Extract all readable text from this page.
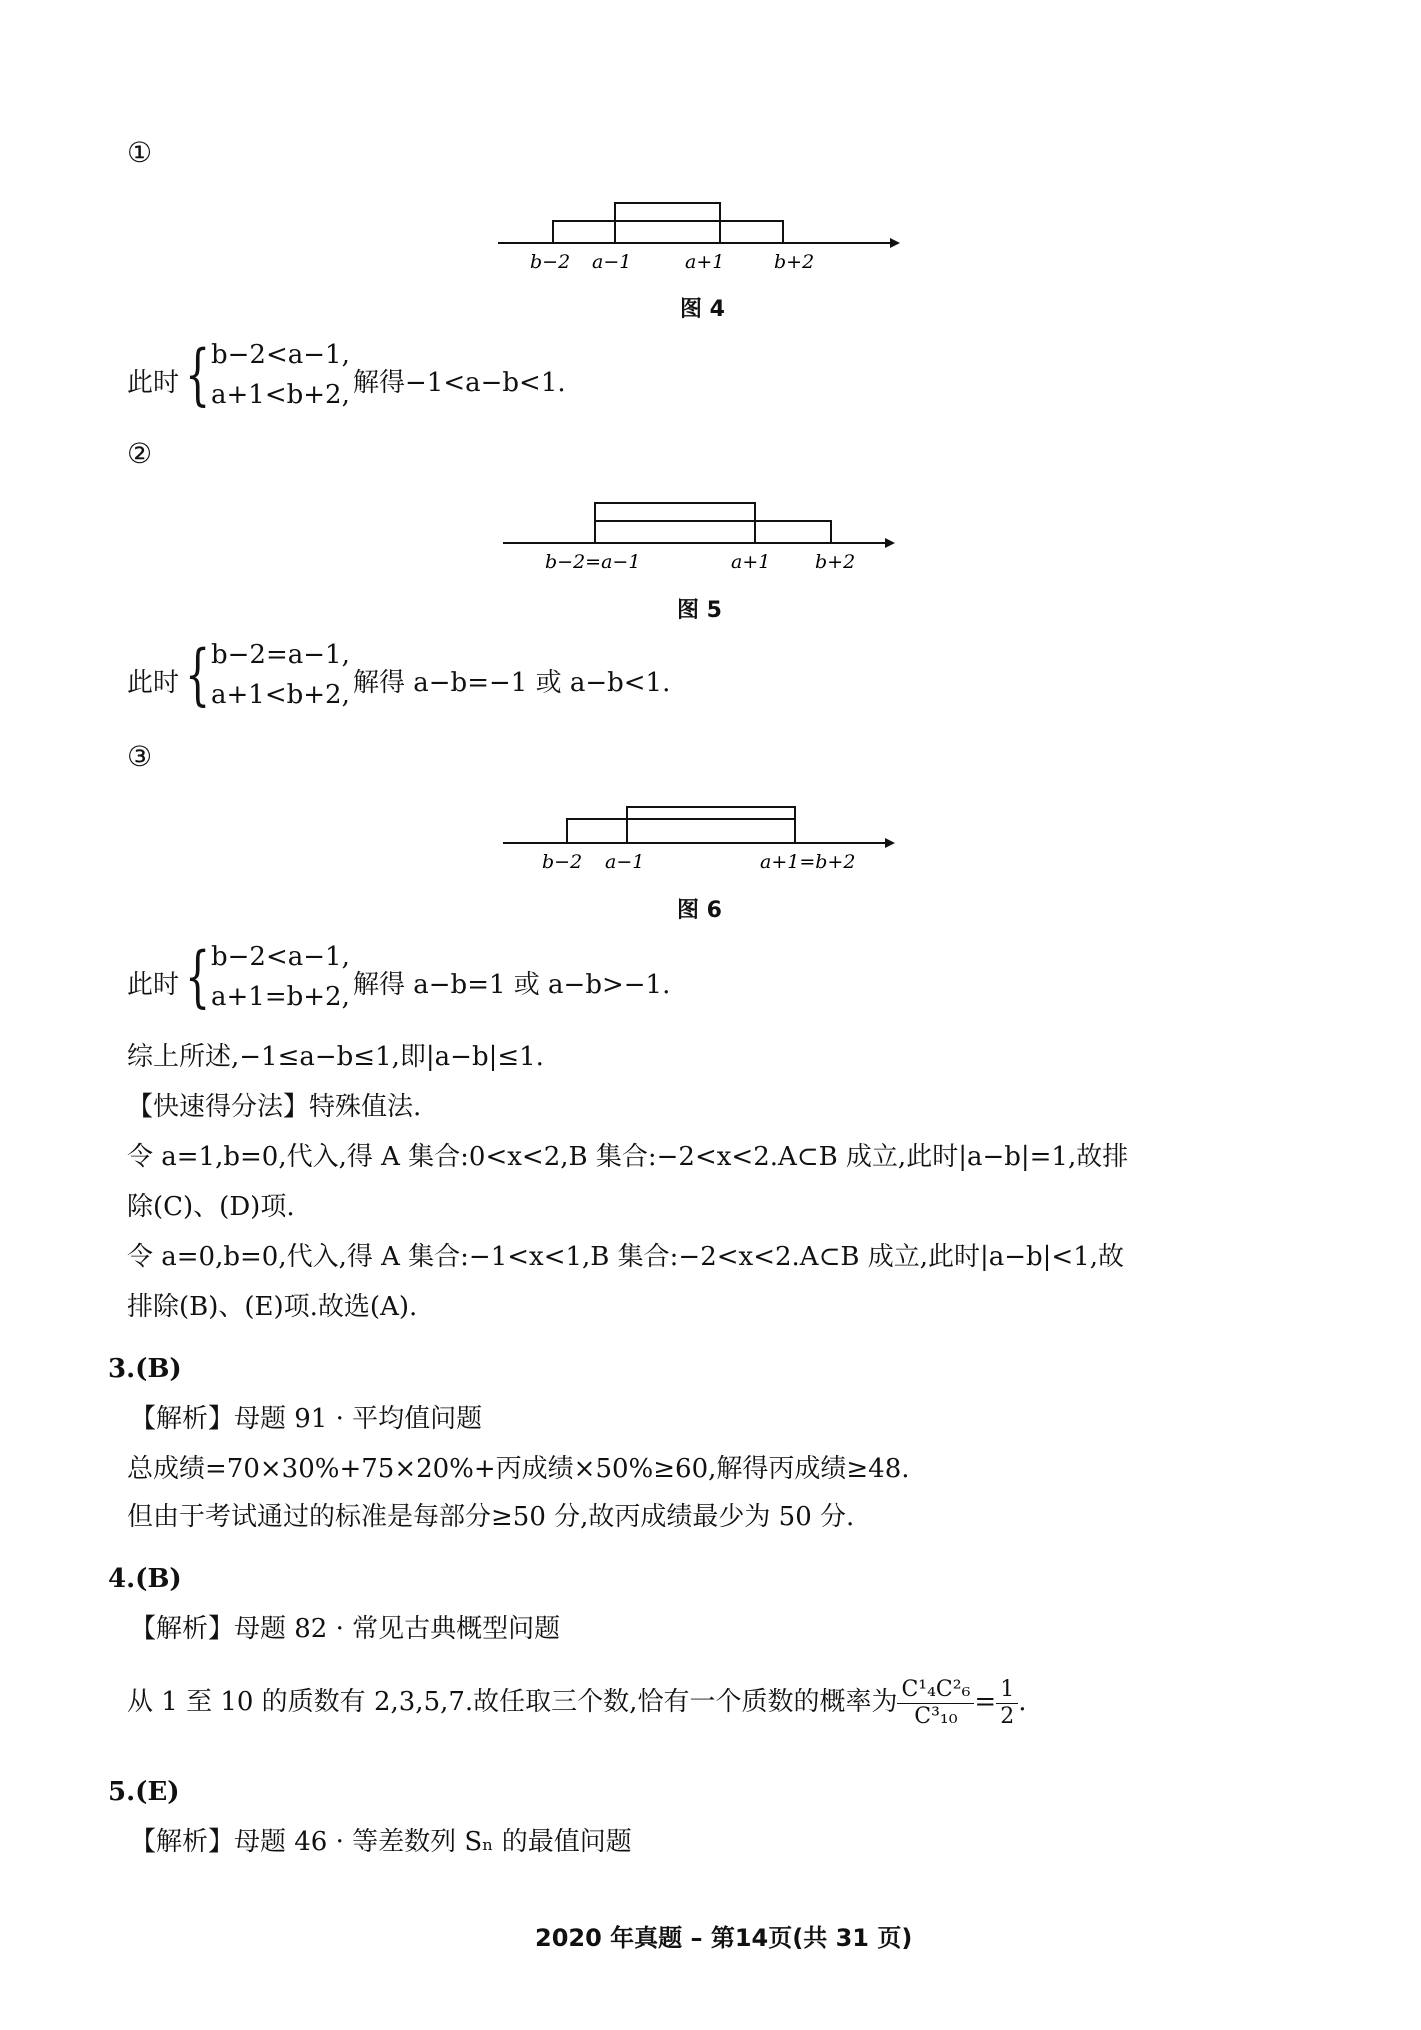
①
b−2 a−1	a+1	b+2
图 4
此时 { b−2<a−1,
a+1<b+2, 解得−1<a−b<1.
②
b−2=a−1	a+1 b+2
图 5
此时 { b−2=a−1,
a+1<b+2, 解得 a−b=−1 或 a−b<1.
③
b−2 a−1	a+1=b+2
图 6
此时 { b−2<a−1,
a+1=b+2, 解得 a−b=1 或 a−b>−1.
综上所述,−1≤a−b≤1,即|a−b|≤1.
【快速得分法】特殊值法.
令 a=1,b=0,代入,得 A 集合:0<x<2,B 集合:−2<x<2.A⊂B 成立,此时|a−b|=1,故排
除(C)、(D)项.
令 a=0,b=0,代入,得 A 集合:−1<x<1,B 集合:−2<x<2.A⊂B 成立,此时|a−b|<1,故
排除(B)、(E)项.故选(A).
3.(B)
【解析】母题 91 · 平均值问题
总成绩=70×30%+75×20%+丙成绩×50%≥60,解得丙成绩≥48.
但由于考试通过的标准是每部分≥50 分,故丙成绩最少为 50 分.
4.(B)
【解析】母题 82 · 常见古典概型问题
从 1 至 10 的质数有 2,3,5,7.故任取三个数,恰有一个质数的概率为 $\frac{\text{C¹₄C²₆}}{\text{C³₁₀}} = \frac{1}{2}$ .
5.(E)
【解析】母题 46 · 等差数列 Sₙ 的最值问题
2020 年真题 – 第14页(共 31 页)
